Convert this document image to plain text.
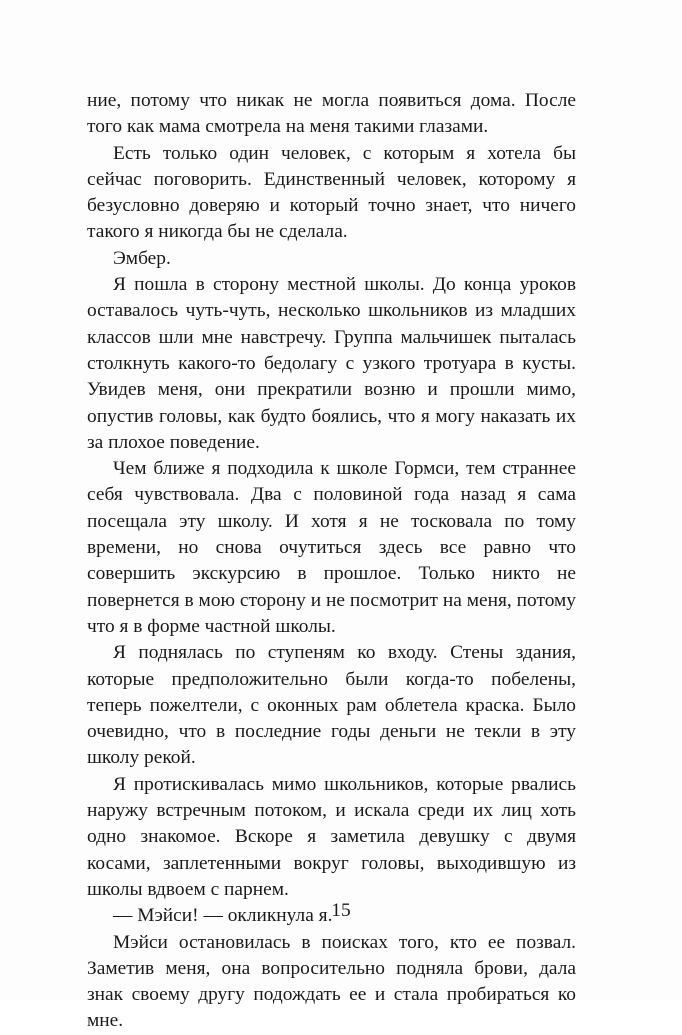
ние, потому что никак не могла появиться дома. После того как мама смотрела на меня такими глазами.

Есть только один человек, с которым я хотела бы сейчас поговорить. Единственный человек, которому я безусловно доверяю и который точно знает, что ничего такого я никогда бы не сделала.

Эмбер.

Я пошла в сторону местной школы. До конца уроков оставалось чуть-чуть, несколько школьников из младших классов шли мне навстречу. Группа мальчишек пыталась столкнуть какого-то бедолагу с узкого тротуара в кусты. Увидев меня, они прекратили возню и прошли мимо, опустив головы, как будто боялись, что я могу наказать их за плохое поведение.

Чем ближе я подходила к школе Гормси, тем страннее себя чувствовала. Два с половиной года назад я сама посещала эту школу. И хотя я не тосковала по тому времени, но снова очутиться здесь все равно что совершить экскурсию в прошлое. Только никто не повернется в мою сторону и не посмотрит на меня, потому что я в форме частной школы.

Я поднялась по ступеням ко входу. Стены здания, которые предположительно были когда-то побелены, теперь пожелтели, с оконных рам облетела краска. Было очевидно, что в последние годы деньги не текли в эту школу рекой.

Я протискивалась мимо школьников, которые рвались наружу встречным потоком, и искала среди их лиц хоть одно знакомое. Вскоре я заметила девушку с двумя косами, заплетенными вокруг головы, выходившую из школы вдвоем с парнем.

— Мэйси! — окликнула я.

Мэйси остановилась в поисках того, кто ее позвал. Заметив меня, она вопросительно подняла брови, дала знак своему другу подождать ее и стала пробираться ко мне.

15
